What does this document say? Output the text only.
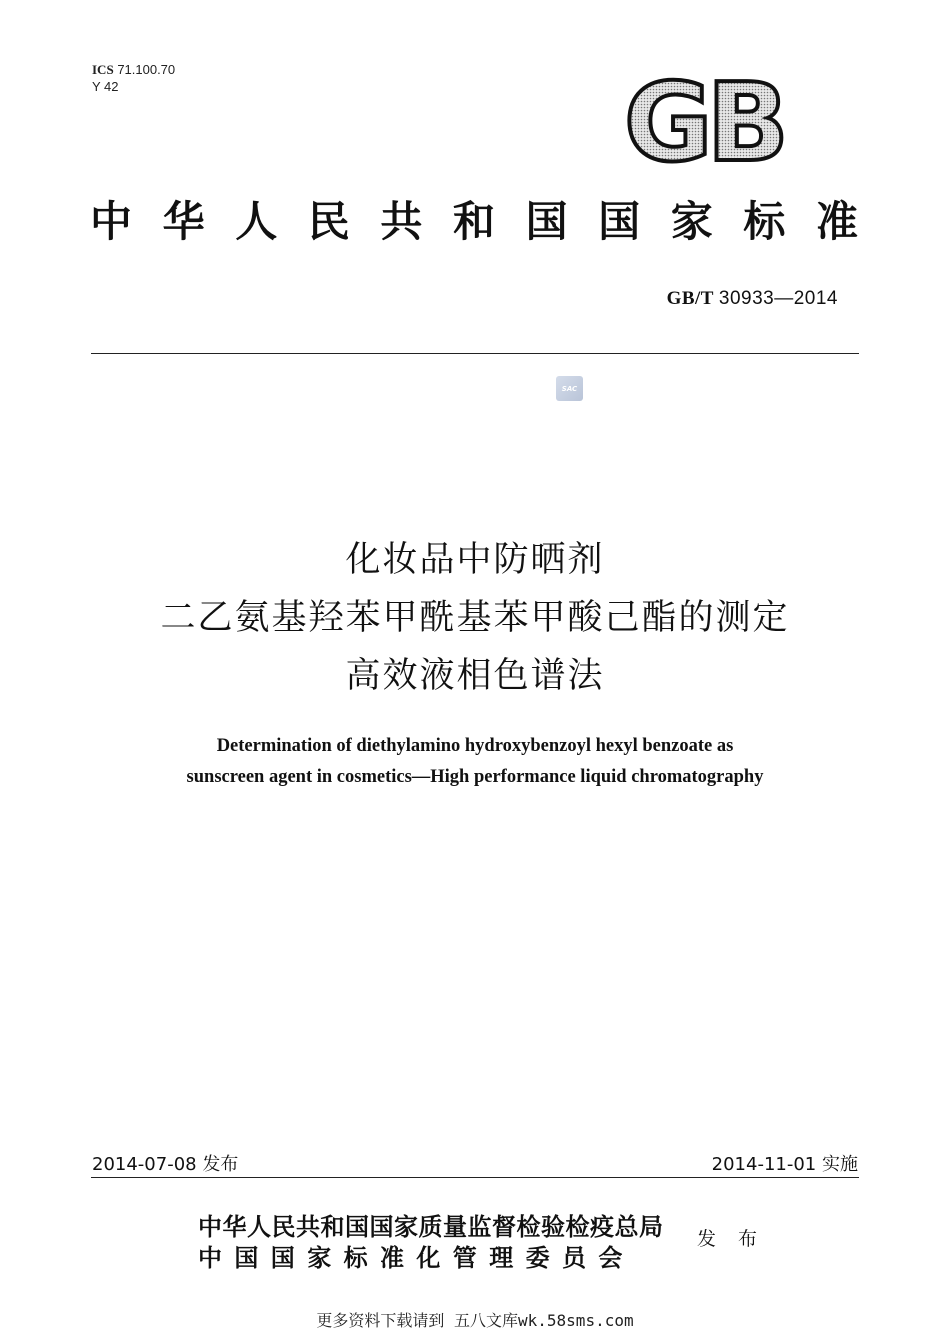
ICS 71.100.70
Y 42	GB
中华人民共和国国家标准
GB/T 30933—2014
SAC
化妆品中防晒剂
二乙氨基羟苯甲酰基苯甲酸己酯的测定
高效液相色谱法
Determination of diethylamino hydroxybenzoyl hexyl benzoate as
sunscreen agent in cosmetics—High performance liquid chromatography
2014-07-08 发布	2014-11-01 实施
中华人民共和国国家质量监督检验检疫总局
中国国家标准化管理委员会
发 布
更多资料下载请到 五八文库wk.58sms.com
